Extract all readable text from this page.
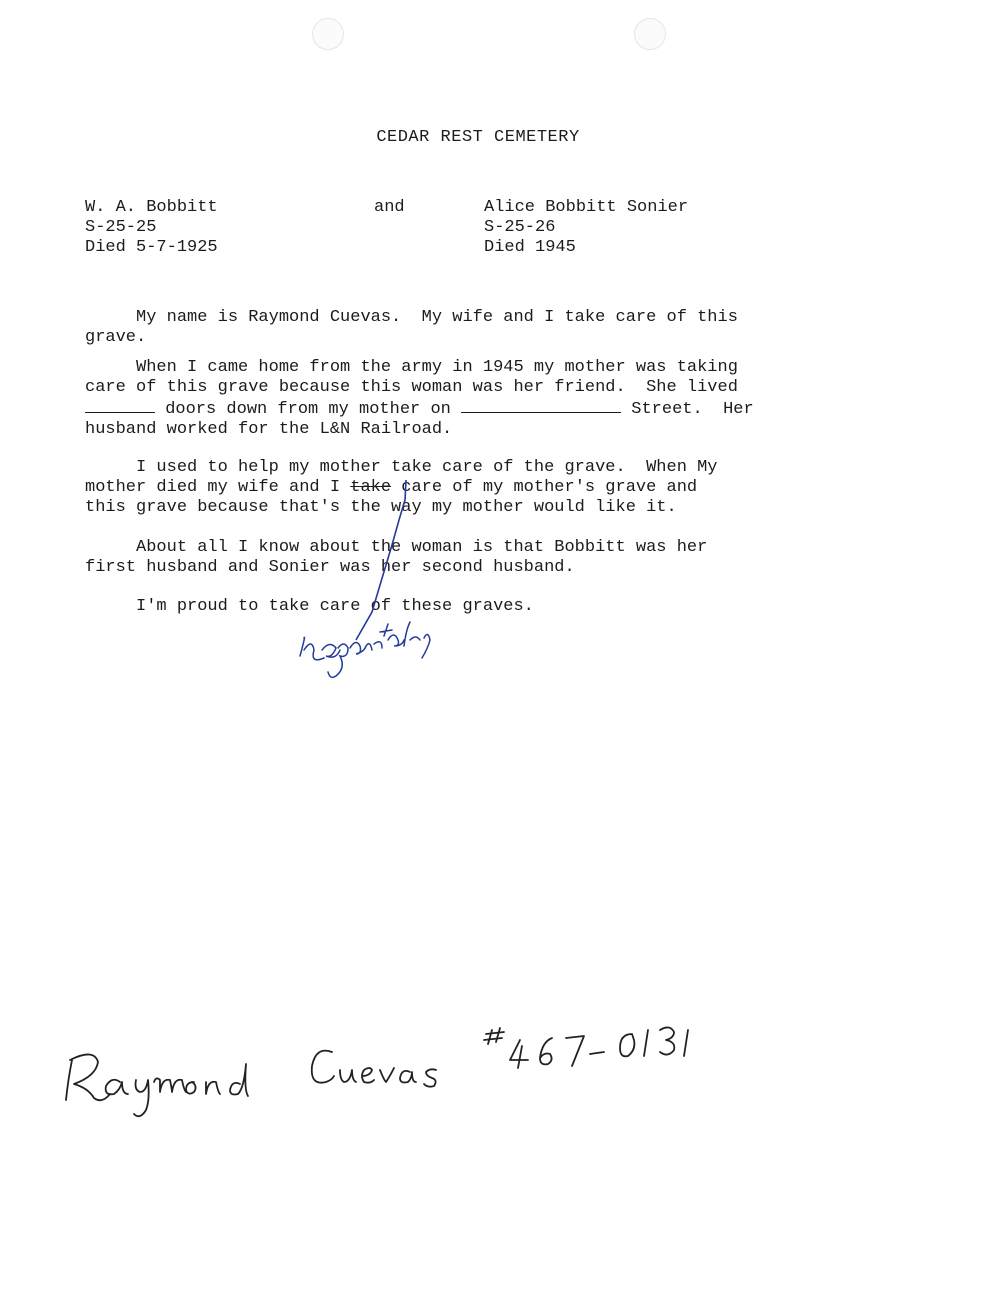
CEDAR REST CEMETERY
W. A. Bobbitt
S-25-25
Died 5-7-1925
and	Alice Bobbitt Sonier
S-25-26
Died 1945
My name is Raymond Cuevas.  My wife and I take care of this
grave.
When I came home from the army in 1945 my mother was taking
care of this grave because this woman was her friend.  She lived
doors down from my mother on	Street.  Her
husband worked for the L&N Railroad.
I used to help my mother take care of the grave.  When My
mother died my wife and I take care of my mother's grave and
this grave because that's the way my mother would like it.
About all I know about the woman is that Bobbitt was her
first husband and Sonier was her second husband.
I'm proud to take care of these graves.
